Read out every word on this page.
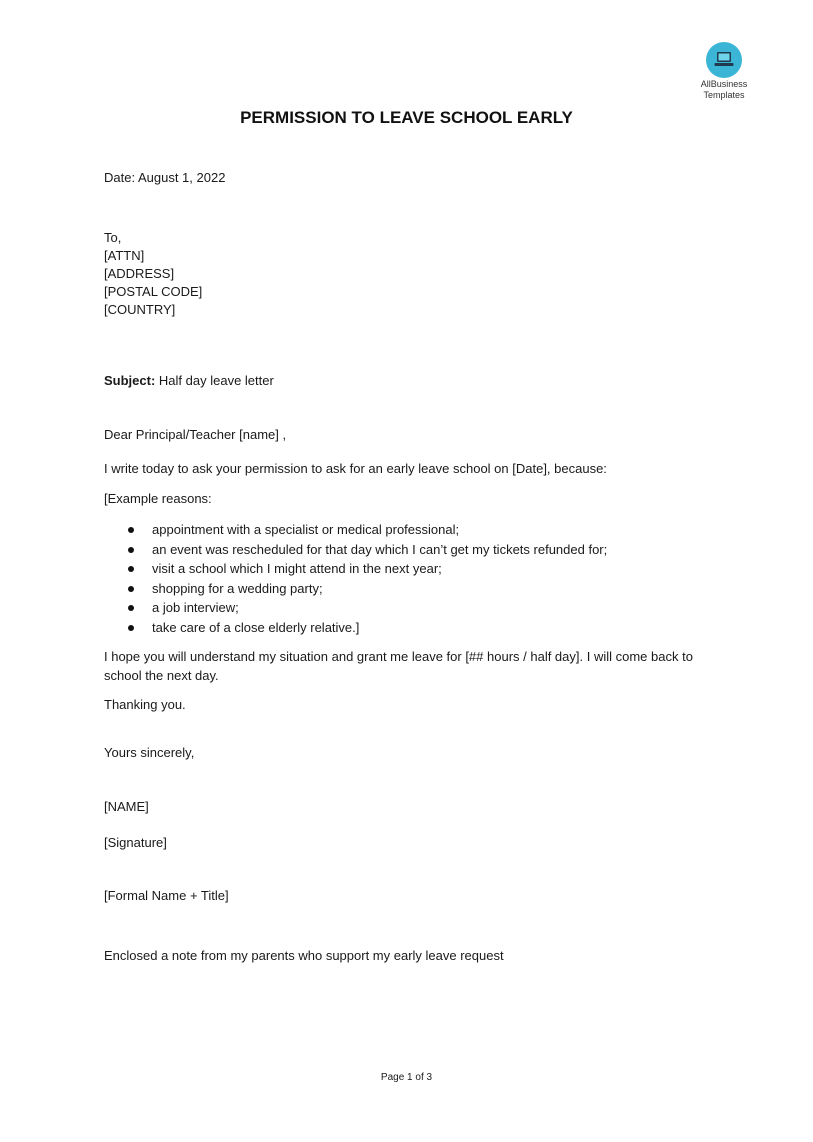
AllBusiness
Templates
PERMISSION TO LEAVE SCHOOL EARLY
Date: August 1, 2022
To,
[ATTN]
[ADDRESS]
[POSTAL CODE]
[COUNTRY]
Subject: Half day leave letter
Dear Principal/Teacher [name] ,
I write today to ask your permission to ask for an early leave school on [Date], because:
[Example reasons:
appointment with a specialist or medical professional;
an event was rescheduled for that day which I can’t get my tickets refunded for;
visit a school which I might attend in the next year;
shopping for a wedding party;
a job interview;
take care of a close elderly relative.]
I hope you will understand my situation and grant me leave for [## hours / half day]. I will come back to school the next day.
Thanking you.
Yours sincerely,
[NAME]
[Signature]
[Formal Name + Title]
Enclosed a note from my parents who support my early leave request
Page 1 of 3
